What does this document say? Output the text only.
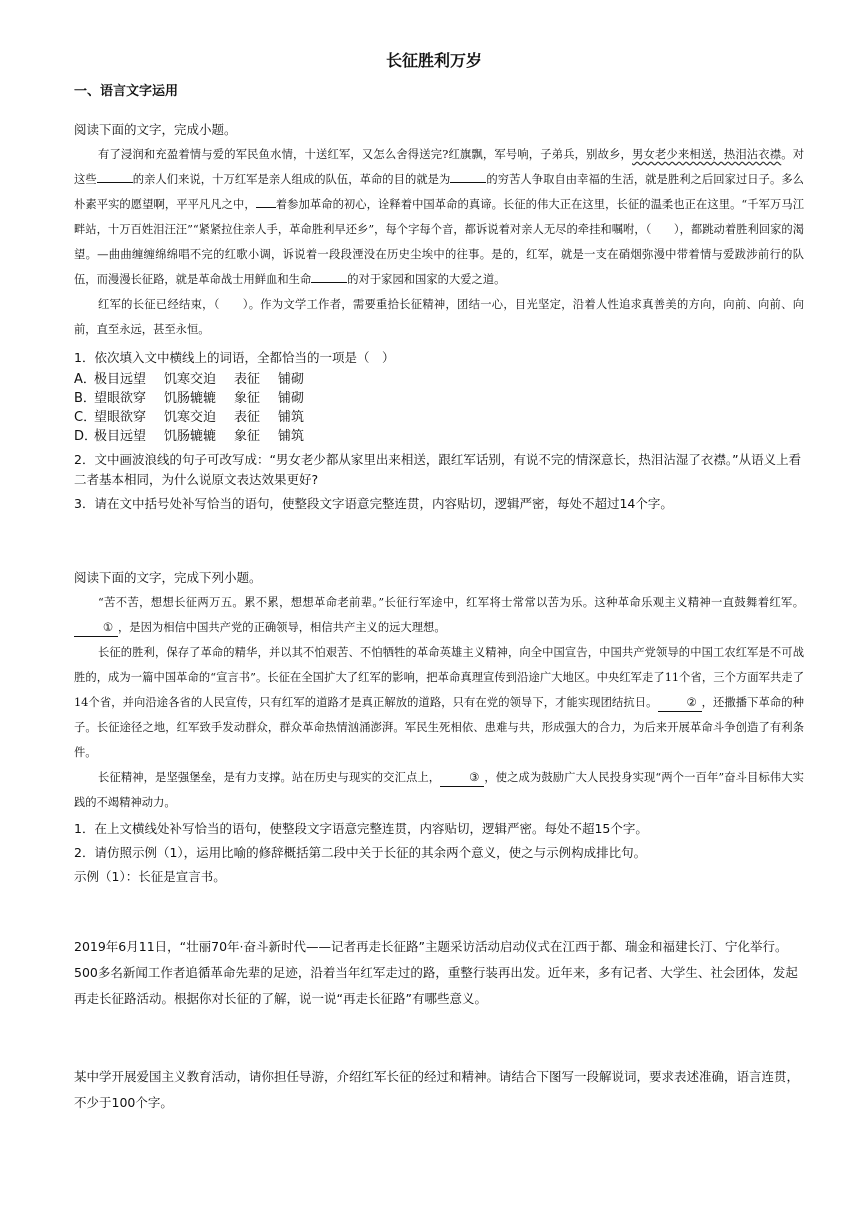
长征胜利万岁
一、语言文字运用
阅读下面的文字，完成小题。

有了浸润和充盈着情与爱的军民鱼水情，十送红军，又怎么舍得送完?红旗飘，军号响，子弟兵，别故乡，男女老少来相送，热泪沾衣襟。对这些	的亲人们来说，十万红军是亲人组成的队伍，革命的目的就是为	的穷苦人争取自由幸福的生活，就是胜利之后回家过日子。多么朴素平实的愿望啊，平平凡凡之中， 着参加革命的初心，诠释着中国革命的真谛。长征的伟大正在这里，长征的温柔也正在这里。“千军万马江畔站，十万百姓泪汪汪”“紧紧拉住亲人手，革命胜利早还乡”，每个字每个音，都诉说着对亲人无尽的牵挂和嘱咐，（　　），都跳动着胜利回家的渴望。—曲曲缠缠绵绵唱不完的红歌小调，诉说着一段段湮没在历史尘埃中的往事。是的，红军，就是一支在硝烟弥漫中带着情与爱跋涉前行的队伍，而漫漫长征路，就是革命战士用鲜血和生命	的对于家园和国家的大爱之道。

红军的长征已经结束，（　　）。作为文学工作者，需要重拾长征精神，团结一心，目光坚定，沿着人性追求真善美的方向，向前、向前、向前，直至永远，甚至永恒。

1．依次填入文中横线上的词语，全都恰当的一项是（　）

A．
极目远望 饥寒交迫 表征 铺砌
B．
望眼欲穿 饥肠辘辘 象征 铺砌
C．
望眼欲穿 饥寒交迫 表征 铺筑
D．
极目远望 饥肠辘辘 象征 铺筑

2．文中画波浪线的句子可改写成：“男女老少都从家里出来相送，跟红军话别，有说不完的情深意长，热泪沾湿了衣襟。”从语义上看二者基本相同，为什么说原文表达效果更好?

3．请在文中括号处补写恰当的语句，使整段文字语意完整连贯，内容贴切，逻辑严密，每处不超过14个字。

阅读下面的文字，完成下列小题。

“苦不苦，想想长征两万五。累不累，想想革命老前辈。”长征行军途中，红军将士常常以苦为乐。这种革命乐观主义精神一直鼓舞着红军。① ，是因为相信中国共产党的正确领导，相信共产主义的远大理想。

长征的胜利，保存了革命的精华，并以其不怕艰苦、不怕牺牲的革命英雄主义精神，向全中国宣告，中国共产党领导的中国工农红军是不可战胜的，成为一篇中国革命的“宣言书”。长征在全国扩大了红军的影响，把革命真理宣传到沿途广大地区。中央红军走了11个省，三个方面军共走了14个省，并向沿途各省的人民宣传，只有红军的道路才是真正解放的道路，只有在党的领导下，才能实现团结抗日。	② ，还撒播下革命的种子。长征途径之地，红军致手发动群众，群众革命热情汹涌澎湃。军民生死相依、患难与共，形成强大的合力，为后来开展革命斗争创造了有利条件。

长征精神，是坚强堡垒，是有力支撑。站在历史与现实的交汇点上，	③ ，使之成为鼓励广大人民投身实现“两个一百年”奋斗目标伟大实践的不竭精神动力。

1．在上文横线处补写恰当的语句，使整段文字语意完整连贯，内容贴切，逻辑严密。每处不超15个字。

2．请仿照示例（1），运用比喻的修辞概括第二段中关于长征的其余两个意义，使之与示例构成排比句。

示例（1）：长征是宣言书。

2019年6月11日，“壮丽70年·奋斗新时代——记者再走长征路”主题采访活动启动仪式在江西于都、瑞金和福建长汀、宁化举行。500多名新闻工作者追循革命先辈的足迹，沿着当年红军走过的路，重整行装再出发。近年来，多有记者、大学生、社会团体，发起再走长征路活动。根据你对长征的了解，说一说“再走长征路”有哪些意义。

某中学开展爱国主义教育活动，请你担任导游，介绍红军长征的经过和精神。请结合下图写一段解说词，要求表述准确，语言连贯，不少于100个字。
